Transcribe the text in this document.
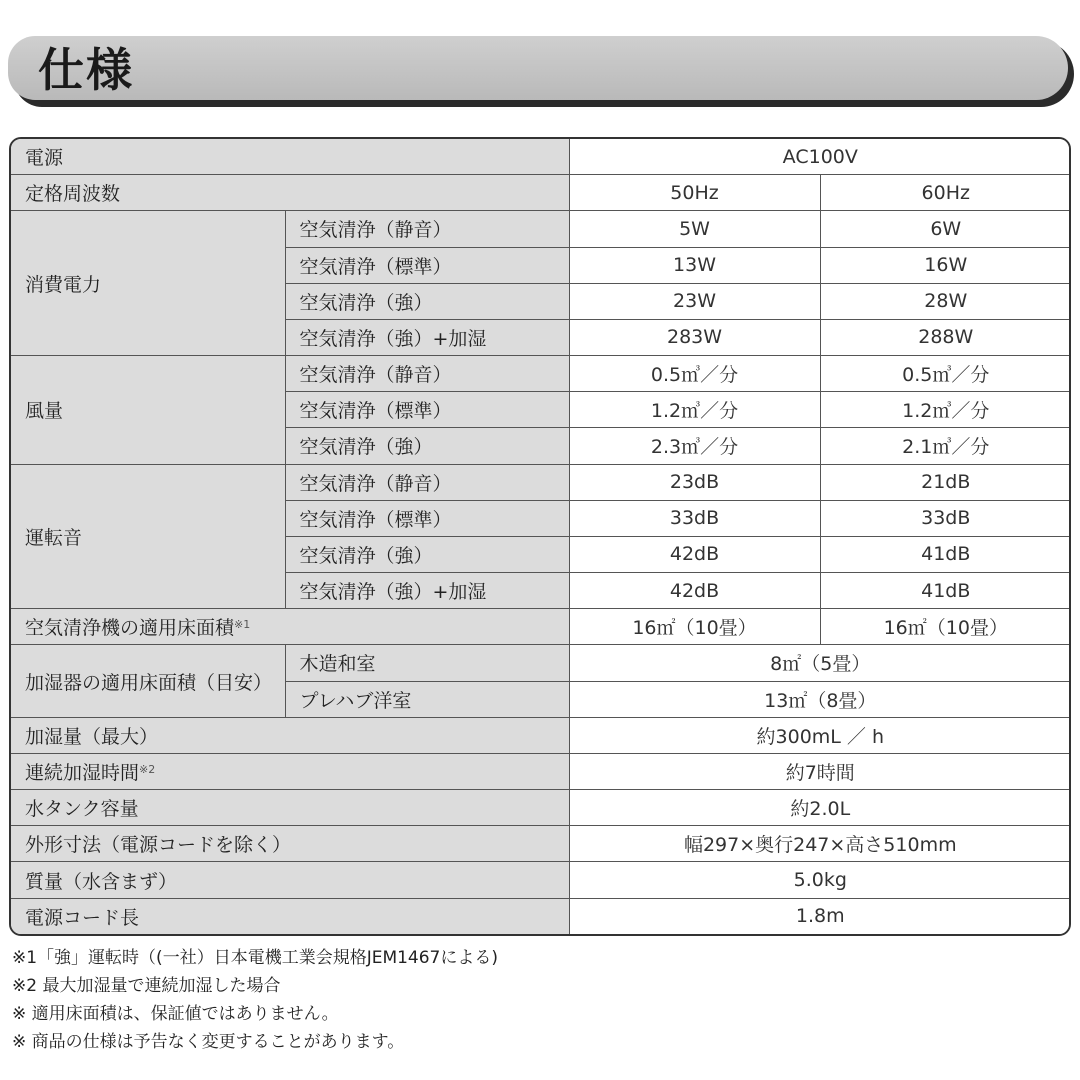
仕様
電源		AC100V	
定格周波数		50Hz	60Hz
消費電力	空気清浄（静音）	5W	6W
	空気清浄（標準）	13W	16W
	空気清浄（強）	23W	28W
	空気清浄（強）+加湿	283W	288W
風量	空気清浄（静音）	0.5㎥／分	0.5㎥／分
	空気清浄（標準）	1.2㎥／分	1.2㎥／分
	空気清浄（強）	2.3㎥／分	2.1㎥／分
運転音	空気清浄（静音）	23dB	21dB
	空気清浄（標準）	33dB	33dB
	空気清浄（強）	42dB	41dB
	空気清浄（強）+加湿	42dB	41dB
空気清浄機の適用床面積$^{※1}$		16㎡（10畳）	16㎡（10畳）
加湿器の適用床面積（目安）	木造和室	8㎡（5畳）	
	プレハブ洋室	13㎡（8畳）	
加湿量（最大）		約300mL ／ h	
連続加湿時間$^{※2}$		約7時間	
水タンク容量		約2.0L	
外形寸法（電源コードを除く）		幅297×奥行247×高さ510mm	
質量（水含まず）		5.0kg	
電源コード長		1.8m	
※1「強」運転時（(一社）日本電機工業会規格JEM1467による)
※2 最大加湿量で連続加湿した場合
※ 適用床面積は、保証値ではありません。
※ 商品の仕様は予告なく変更することがあります。
